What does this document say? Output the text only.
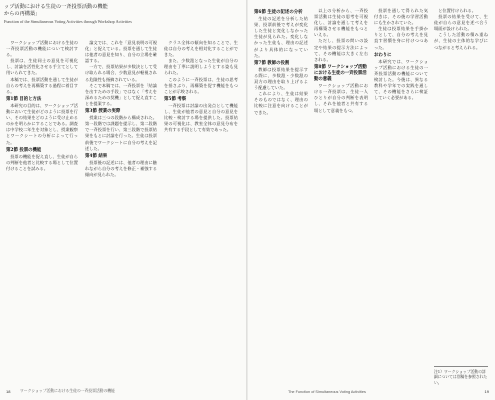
ップ活動における生徒の一斉投票活動の機能
からの再構築」
Function of the Simultaneous Voting Activities through Workshop Activities

ワークショップ活動における生徒の一斉投票活動の機能について検討する。

投票は、生徒同士の意見を可視化し、討論を活性化させる手立てとして用いられてきた。

本稿では、投票活動を通して生徒が自らの考えを再構築する過程に着目する。

第1節 目的と方法

本研究の目的は、ワークショップ活動において生徒がどのように投票を行い、その結果をどのように受け止めるのかを明らかにすることである。調査は中学校二年生を対象とし、授業観察とワークシートの分析によって行った。

第2節 投票の機能

投票の機能を捉え直し、生徒が自らの判断を他者と比較する場として位置付けることを試みる。

論文では、これを「意見表明の可視化」と捉えている。投票を通して生徒は他者の意見を知り、自分の立場を確認する。

一方で、投票結果が多数決として受け取られる場合、少数意見が軽視される危険性も指摘されている。

そこで本稿では、一斉投票を「結論を出すための手段」ではなく「考えを深めるための契機」として捉え直すことを提案する。

第3節 授業の実際

授業は三つの段階から構成された。第一段階では課題を提示し、第二段階で一斉投票を行い、第三段階で投票結果をもとに討論を行った。生徒は投票前後でワークシートに自分の考えを記述した。

第4節 結果

投票後の記述には、他者の理由に触れながら自分の考えを修正・補強する傾向が見られた。

クラス全体の傾向を知ることで、生徒は自分の考えを相対化することができた。

また、少数派となった生徒が自分の理由を丁寧に説明しようとする姿も見られた。

このように一斉投票は、生徒の思考を揺さぶり、再構築を促す機能をもつことが示唆される。

第5節 考察

一斉投票は討論の出発点として機能し、生徒が他者の意見と自分の意見を比較・検討する場を提供した。投票結果の可視化は、教室全体の意見分布を共有する手段として有効であった。

18	ワークショップ活動における生徒の一斉投票活動の機能
第6節 生徒の記述の分析

生徒の記述を分析した結果、投票前後で考えが変化した生徒と変化しなかった生徒が見られた。変化しなかった生徒も、理由の記述がより具体的になっていた。

第7節 教師の役割

教師は投票結果を提示する際に、多数派・少数派の双方の理由を取り上げるよう配慮していた。

これにより、生徒は結果そのものではなく、理由の比較に注意を向けることができた。

以上の分析から、一斉投票活動は生徒の思考を可視化し、討論を通して考えを再構築させる機能をもつといえる。

ただし、投票の問いの設定や結果の提示方法によって、その機能は大きく左右される。

第8節 ワークショップ活動における生徒の一斉投票活動の意義

ワークショップ活動における一斉投票は、生徒一人ひとりが自分の判断を表明し、それを他者と共有する場として意義をもつ。

投票を通して得られた気付きは、その後の学習活動にも生かされていた。

生徒は投票結果を手掛かりとして、自分の考えを見直す習慣を身に付けつつあった。

おわりに

本研究では、ワークショップ活動における生徒の一斉投票活動の機能について検討した。今後は、異なる教科や学年での実践を通して、その機能をさらに検証していく必要がある。

と位置付けられる。

投票の結果を受けて、生徒が自らの意見を述べ合う場面が設けられた。

こうした活動の積み重ねが、生徒の主体的な学びにつながると考えられる。

注1）ワークショップ活動の詳細については別稿を参照されたい。
The Function of Simultaneous Voting Activities	19
